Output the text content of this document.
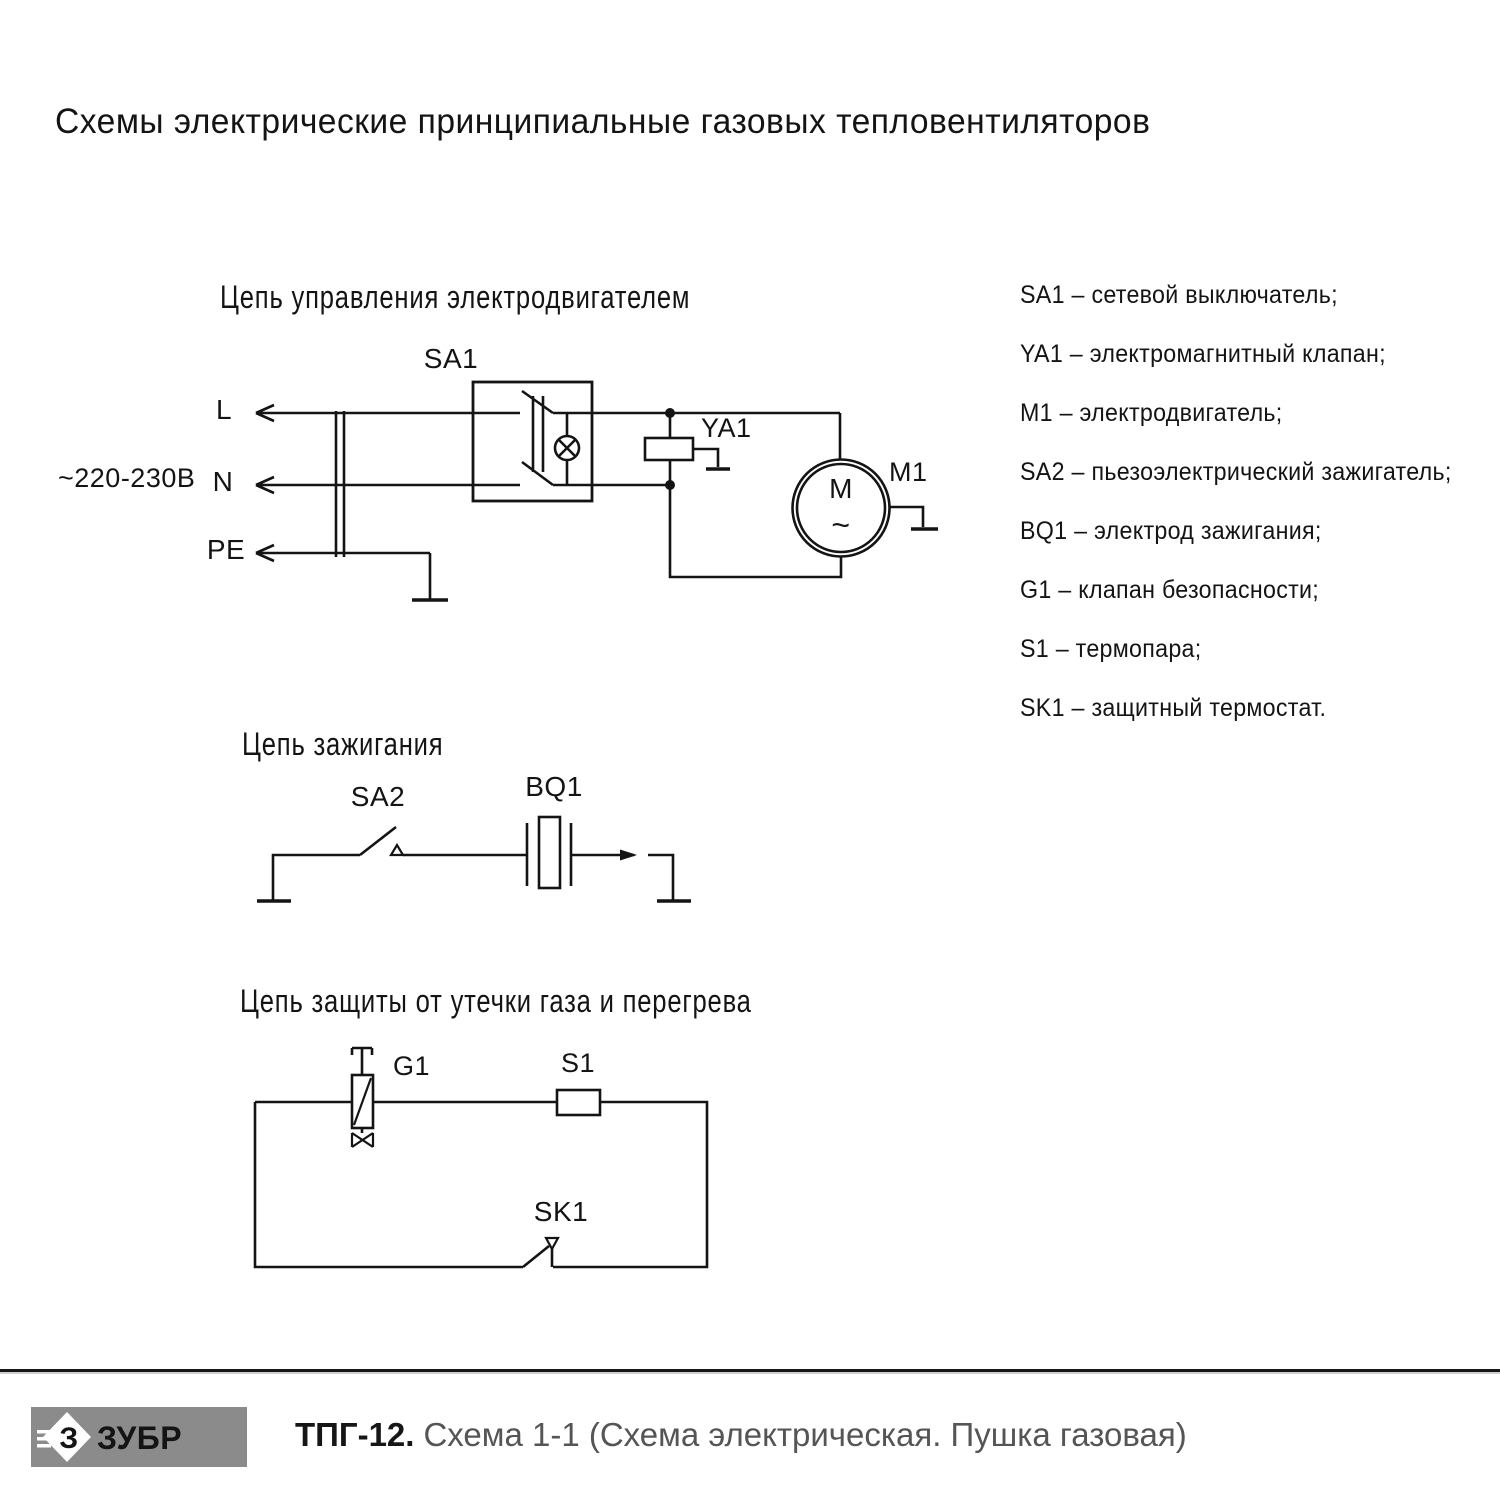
Схемы электрические принципиальные газовых тепловентиляторов
Цепь управления электродвигателем
Цепь зажигания
Цепь защиты от утечки газа и перегрева
~220-230В
L
N
PE
SA1
YA1
M1
М
~
SA2	BQ1
G1	S1
SK1
SA1 – сетевой выключатель;
YA1 – электромагнитный клапан;
M1 – электродвигатель;
SA2 – пьезоэлектрический зажигатель;
BQ1 – электрод зажигания;
G1 – клапан безопасности;
S1 – термопара;
SK1 – защитный термостат.
З ЗУБР	ТПГ-12. Схема 1-1 (Схема электрическая. Пушка газовая)
